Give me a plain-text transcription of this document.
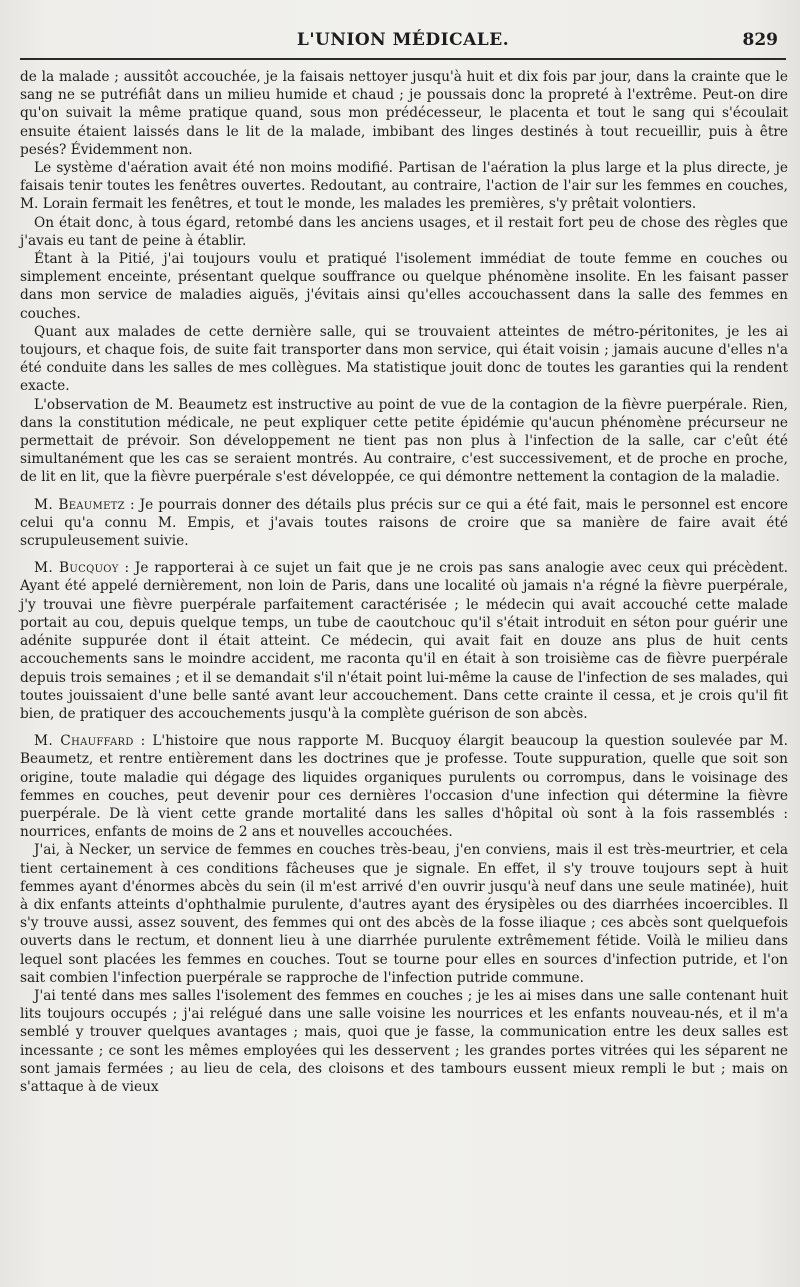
L'UNION MÉDICALE.	829

de la malade ; aussitôt accouchée, je la faisais nettoyer jusqu'à huit et dix fois par jour, dans la crainte que le sang ne se putréfiât dans un milieu humide et chaud ; je poussais donc la propreté à l'extrême. Peut-on dire qu'on suivait la même pratique quand, sous mon prédécesseur, le placenta et tout le sang qui s'écoulait ensuite étaient laissés dans le lit de la malade, imbibant des linges destinés à tout recueillir, puis à être pesés? Évidemment non.

Le système d'aération avait été non moins modifié. Partisan de l'aération la plus large et la plus directe, je faisais tenir toutes les fenêtres ouvertes. Redoutant, au contraire, l'action de l'air sur les femmes en couches, M. Lorain fermait les fenêtres, et tout le monde, les malades les premières, s'y prêtait volontiers.

On était donc, à tous égard, retombé dans les anciens usages, et il restait fort peu de chose des règles que j'avais eu tant de peine à établir.

Étant à la Pitié, j'ai toujours voulu et pratiqué l'isolement immédiat de toute femme en couches ou simplement enceinte, présentant quelque souffrance ou quelque phénomène insolite. En les faisant passer dans mon service de maladies aiguës, j'évitais ainsi qu'elles accouchassent dans la salle des femmes en couches.

Quant aux malades de cette dernière salle, qui se trouvaient atteintes de métro-péritonites, je les ai toujours, et chaque fois, de suite fait transporter dans mon service, qui était voisin ; jamais aucune d'elles n'a été conduite dans les salles de mes collègues. Ma statistique jouit donc de toutes les garanties qui la rendent exacte.

L'observation de M. Beaumetz est instructive au point de vue de la contagion de la fièvre puerpérale. Rien, dans la constitution médicale, ne peut expliquer cette petite épidémie qu'aucun phénomène précurseur ne permettait de prévoir. Son développement ne tient pas non plus à l'infection de la salle, car c'eût été simultanément que les cas se seraient montrés. Au contraire, c'est successivement, et de proche en proche, de lit en lit, que la fièvre puerpérale s'est développée, ce qui démontre nettement la contagion de la maladie.

M. Beaumetz : Je pourrais donner des détails plus précis sur ce qui a été fait, mais le personnel est encore celui qu'a connu M. Empis, et j'avais toutes raisons de croire que sa manière de faire avait été scrupuleusement suivie.

M. Bucquoy : Je rapporterai à ce sujet un fait que je ne crois pas sans analogie avec ceux qui précèdent. Ayant été appelé dernièrement, non loin de Paris, dans une localité où jamais n'a régné la fièvre puerpérale, j'y trouvai une fièvre puerpérale parfaitement caractérisée ; le médecin qui avait accouché cette malade portait au cou, depuis quelque temps, un tube de caoutchouc qu'il s'était introduit en séton pour guérir une adénite suppurée dont il était atteint. Ce médecin, qui avait fait en douze ans plus de huit cents accouchements sans le moindre accident, me raconta qu'il en était à son troisième cas de fièvre puerpérale depuis trois semaines ; et il se demandait s'il n'était point lui-même la cause de l'infection de ses malades, qui toutes jouissaient d'une belle santé avant leur accouchement. Dans cette crainte il cessa, et je crois qu'il fit bien, de pratiquer des accouchements jusqu'à la complète guérison de son abcès.

M. Chauffard : L'histoire que nous rapporte M. Bucquoy élargit beaucoup la question soulevée par M. Beaumetz, et rentre entièrement dans les doctrines que je professe. Toute suppuration, quelle que soit son origine, toute maladie qui dégage des liquides organiques purulents ou corrompus, dans le voisinage des femmes en couches, peut devenir pour ces dernières l'occasion d'une infection qui détermine la fièvre puerpérale. De là vient cette grande mortalité dans les salles d'hôpital où sont à la fois rassemblés : nourrices, enfants de moins de 2 ans et nouvelles accouchées.

J'ai, à Necker, un service de femmes en couches très-beau, j'en conviens, mais il est très-meurtrier, et cela tient certainement à ces conditions fâcheuses que je signale. En effet, il s'y trouve toujours sept à huit femmes ayant d'énormes abcès du sein (il m'est arrivé d'en ouvrir jusqu'à neuf dans une seule matinée), huit à dix enfants atteints d'ophthalmie purulente, d'autres ayant des érysipèles ou des diarrhées incoercibles. Il s'y trouve aussi, assez souvent, des femmes qui ont des abcès de la fosse iliaque ; ces abcès sont quelquefois ouverts dans le rectum, et donnent lieu à une diarrhée purulente extrêmement fétide. Voilà le milieu dans lequel sont placées les femmes en couches. Tout se tourne pour elles en sources d'infection putride, et l'on sait combien l'infection puerpérale se rapproche de l'infection putride commune.

J'ai tenté dans mes salles l'isolement des femmes en couches ; je les ai mises dans une salle contenant huit lits toujours occupés ; j'ai relégué dans une salle voisine les nourrices et les enfants nouveau-nés, et il m'a semblé y trouver quelques avantages ; mais, quoi que je fasse, la communication entre les deux salles est incessante ; ce sont les mêmes employées qui les desservent ; les grandes portes vitrées qui les séparent ne sont jamais fermées ; au lieu de cela, des cloisons et des tambours eussent mieux rempli le but ; mais on s'attaque à de vieux
